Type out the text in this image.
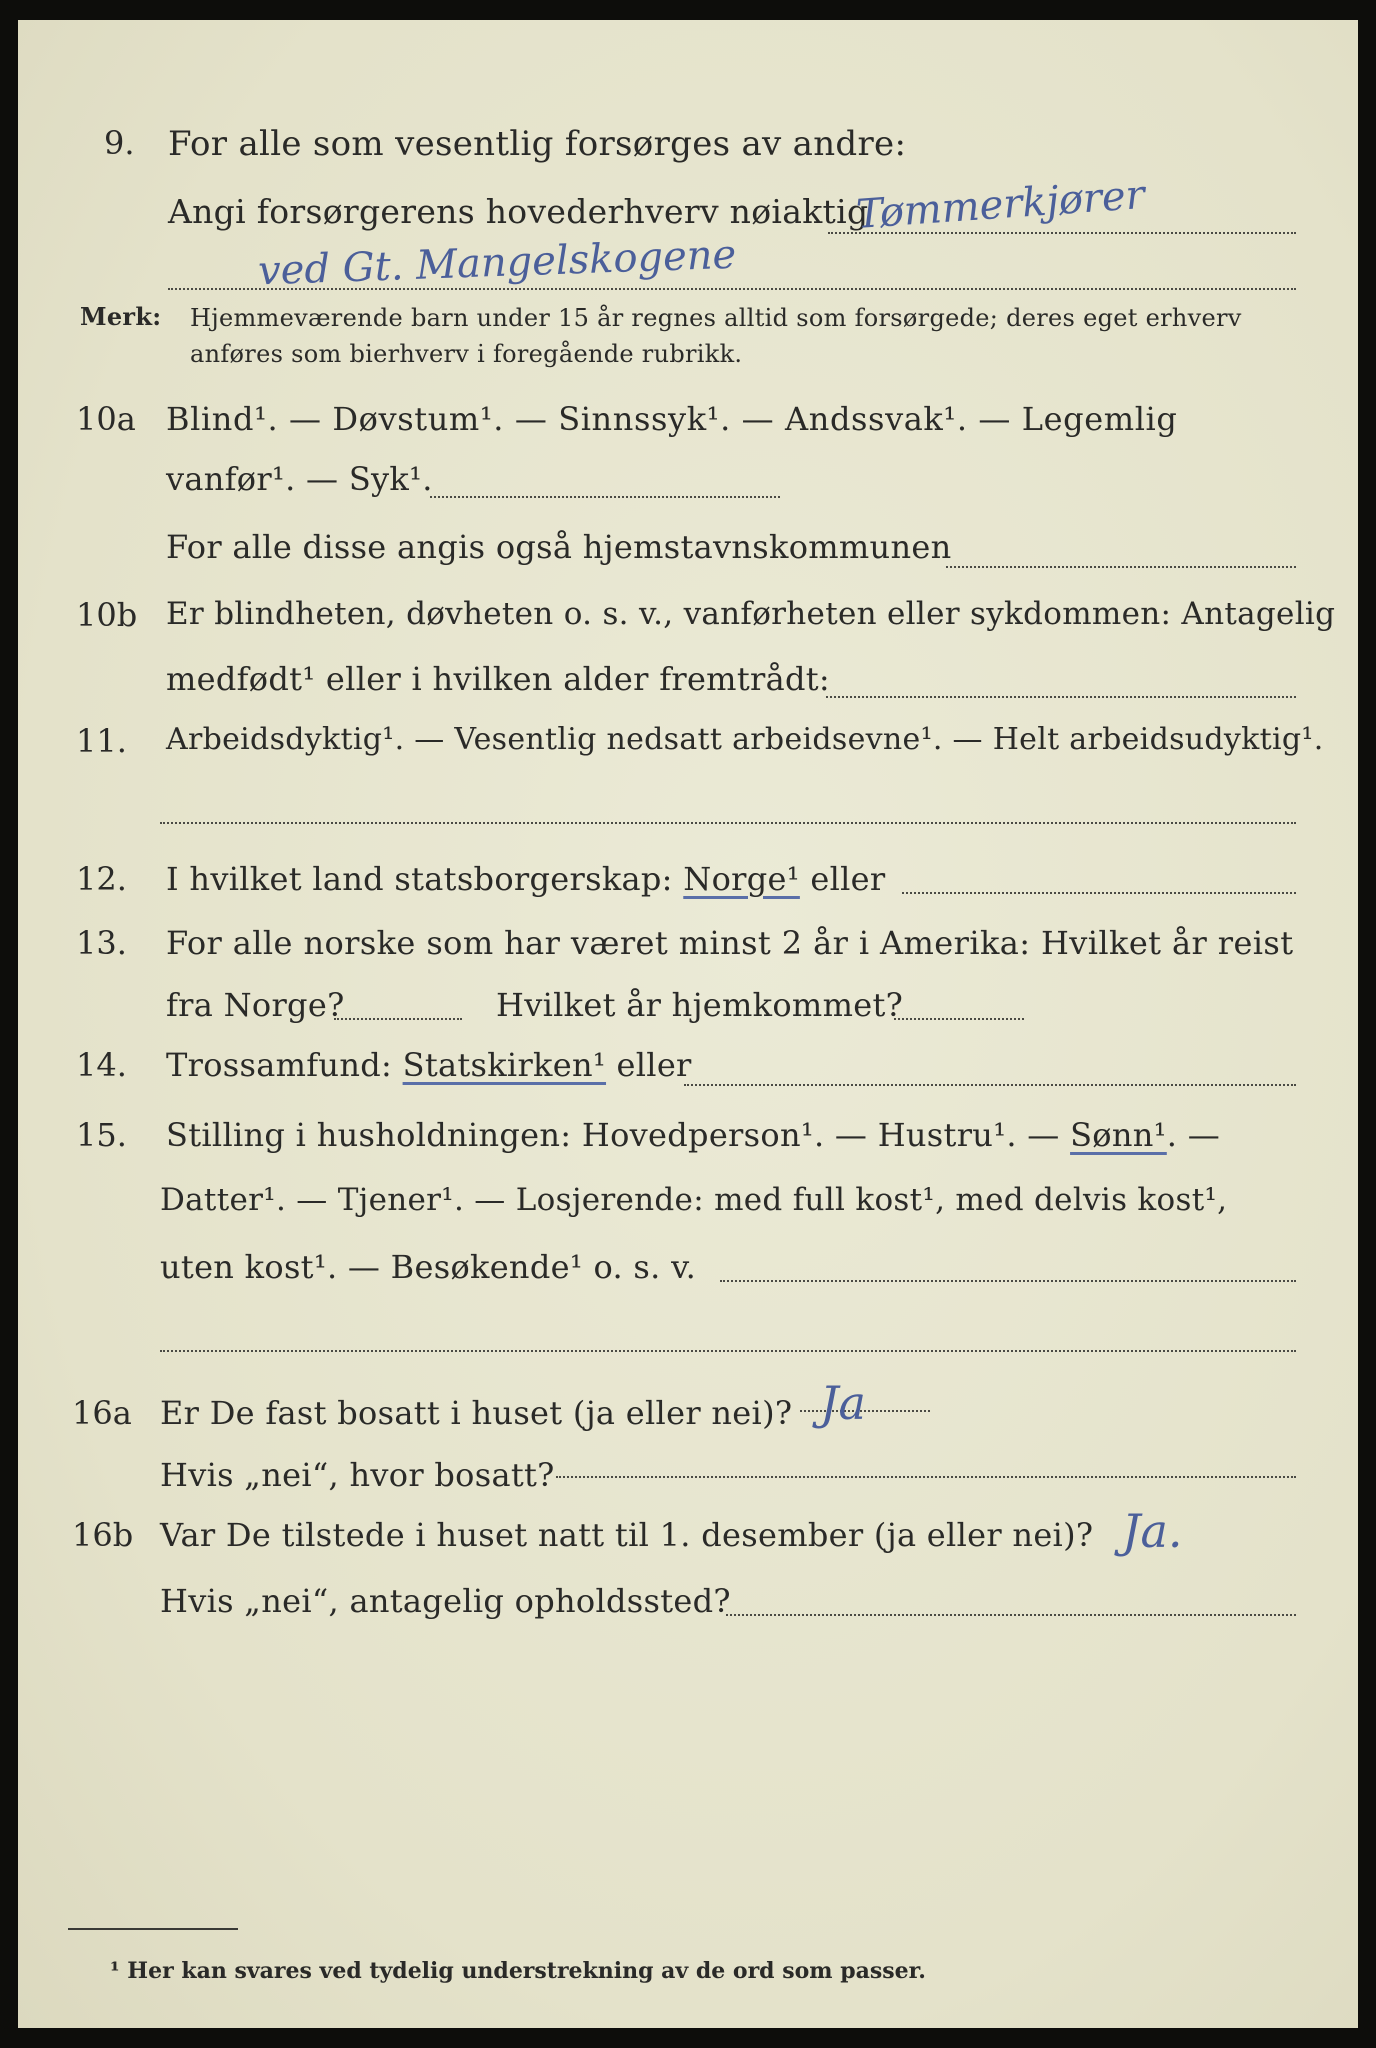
9. For alle som vesentlig forsørges av andre:
Angi forsørgerens hovederhverv nøiaktig
Tømmerkjører
ved Gt. Mangelskogene
Merk: Hjemmeværende barn under 15 år regnes alltid som forsørgede; deres eget erhverv
anføres som bierhverv i foregående rubrikk.
10a Blind¹. — Døvstum¹. — Sinnssyk¹. — Andssvak¹. — Legemlig
vanfør¹. — Syk¹.
For alle disse angis også hjemstavnskommunen
10b Er blindheten, døvheten o. s. v., vanførheten eller sykdommen: Antagelig
medfødt¹ eller i hvilken alder fremtrådt:
11. Arbeidsdyktig¹. — Vesentlig nedsatt arbeidsevne¹. — Helt arbeidsudyktig¹.
12. I hvilket land statsborgerskap: Norge¹ eller
13. For alle norske som har været minst 2 år i Amerika: Hvilket år reist
fra Norge?	Hvilket år hjemkommet?
14. Trossamfund: Statskirken¹ eller
15. Stilling i husholdningen: Hovedperson¹. — Hustru¹. — Sønn¹. —
Datter¹. — Tjener¹. — Losjerende: med full kost¹, med delvis kost¹,
uten kost¹. — Besøkende¹ o. s. v.
16a Er De fast bosatt i huset (ja eller nei)? Ja
Hvis „nei“, hvor bosatt?
16b Var De tilstede i huset natt til 1. desember (ja eller nei)? Ja.
Hvis „nei“, antagelig opholdssted?
¹ Her kan svares ved tydelig understrekning av de ord som passer.
